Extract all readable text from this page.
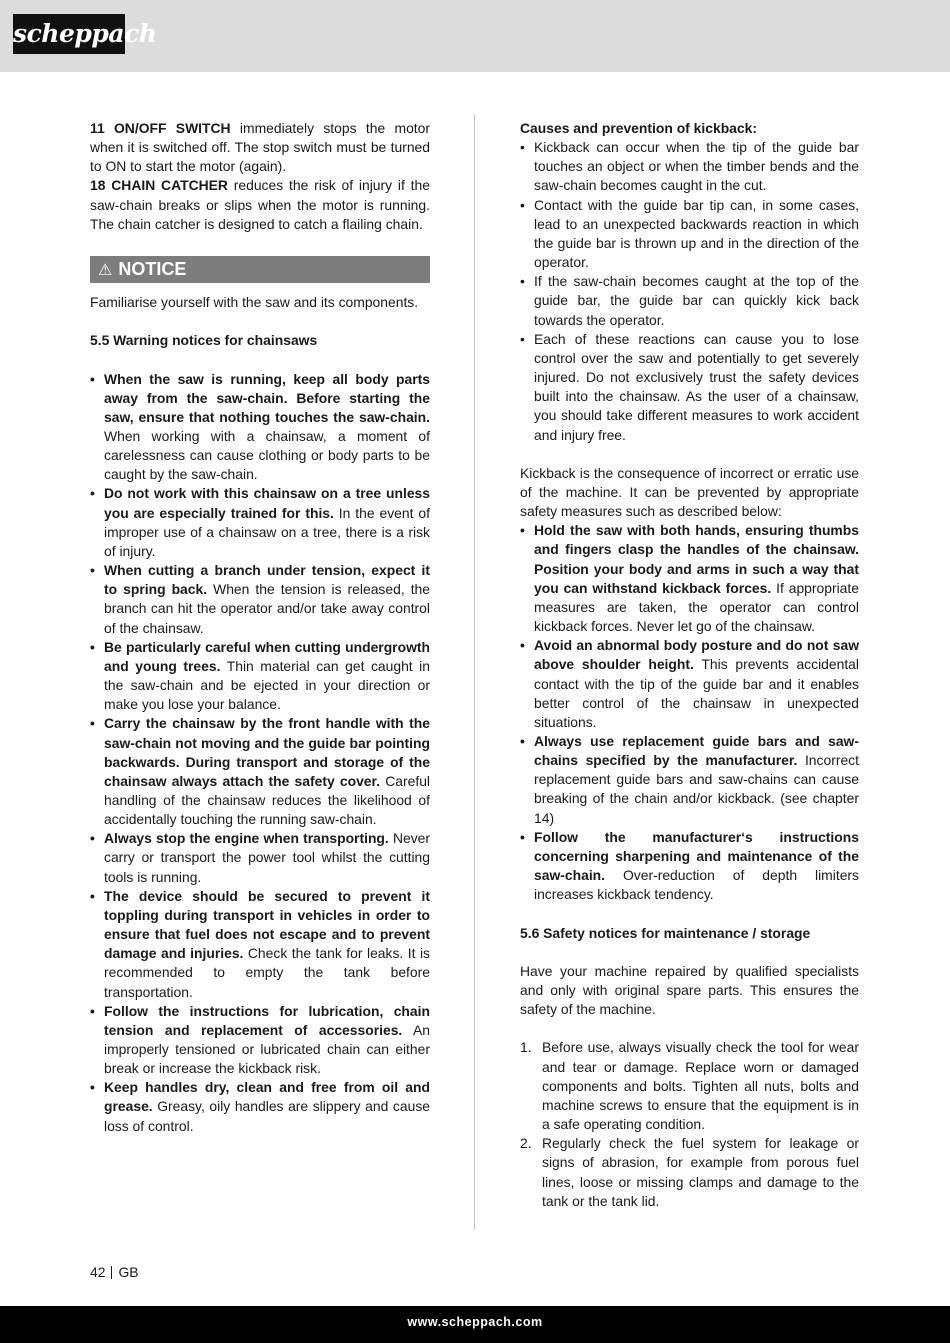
scheppach

11 ON/OFF SWITCH immediately stops the motor when it is switched off. The stop switch must be turned to ON to start the motor (again).

18 CHAIN CATCHER reduces the risk of injury if the saw-chain breaks or slips when the motor is running. The chain catcher is designed to catch a flailing chain.

⚠ NOTICE

Familiarise yourself with the saw and its components.

5.5 Warning notices for chainsaws

• When the saw is running, keep all body parts away from the saw-chain. Before starting the saw, ensure that nothing touches the saw-chain. When working with a chainsaw, a moment of carelessness can cause clothing or body parts to be caught by the saw-chain.
• Do not work with this chainsaw on a tree unless you are especially trained for this. In the event of improper use of a chainsaw on a tree, there is a risk of injury.
• When cutting a branch under tension, expect it to spring back. When the tension is released, the branch can hit the operator and/or take away control of the chainsaw.
• Be particularly careful when cutting undergrowth and young trees. Thin material can get caught in the saw-chain and be ejected in your direction or make you lose your balance.
• Carry the chainsaw by the front handle with the saw-chain not moving and the guide bar pointing backwards. During transport and storage of the chainsaw always attach the safety cover. Careful handling of the chainsaw reduces the likelihood of accidentally touching the running saw-chain.
• Always stop the engine when transporting. Never carry or transport the power tool whilst the cutting tools is running.
• The device should be secured to prevent it toppling during transport in vehicles in order to ensure that fuel does not escape and to prevent damage and injuries. Check the tank for leaks. It is recommended to empty the tank before transportation.
• Follow the instructions for lubrication, chain tension and replacement of accessories. An improperly tensioned or lubricated chain can either break or increase the kickback risk.
• Keep handles dry, clean and free from oil and grease. Greasy, oily handles are slippery and cause loss of control.

Causes and prevention of kickback:

• Kickback can occur when the tip of the guide bar touches an object or when the timber bends and the saw-chain becomes caught in the cut.
• Contact with the guide bar tip can, in some cases, lead to an unexpected backwards reaction in which the guide bar is thrown up and in the direction of the operator.
• If the saw-chain becomes caught at the top of the guide bar, the guide bar can quickly kick back towards the operator.
• Each of these reactions can cause you to lose control over the saw and potentially to get severely injured. Do not exclusively trust the safety devices built into the chainsaw. As the user of a chainsaw, you should take different measures to work accident and injury free.

Kickback is the consequence of incorrect or erratic use of the machine. It can be prevented by appropriate safety measures such as described below:

• Hold the saw with both hands, ensuring thumbs and fingers clasp the handles of the chainsaw. Position your body and arms in such a way that you can withstand kickback forces. If appropriate measures are taken, the operator can control kickback forces. Never let go of the chainsaw.
• Avoid an abnormal body posture and do not saw above shoulder height. This prevents accidental contact with the tip of the guide bar and it enables better control of the chainsaw in unexpected situations.
• Always use replacement guide bars and saw-chains specified by the manufacturer. Incorrect replacement guide bars and saw-chains can cause breaking of the chain and/or kickback. (see chapter 14)
• Follow the manufacturer‘s instructions concerning sharpening and maintenance of the saw-chain. Over-reduction of depth limiters increases kickback tendency.

5.6 Safety notices for maintenance / storage

Have your machine repaired by qualified specialists and only with original spare parts. This ensures the safety of the machine.

1. Before use, always visually check the tool for wear and tear or damage. Replace worn or damaged components and bolts. Tighten all nuts, bolts and machine screws to ensure that the equipment is in a safe operating condition.
2. Regularly check the fuel system for leakage or signs of abrasion, for example from porous fuel lines, loose or missing clamps and damage to the tank or the tank lid.
42 GB
www.scheppach.com
